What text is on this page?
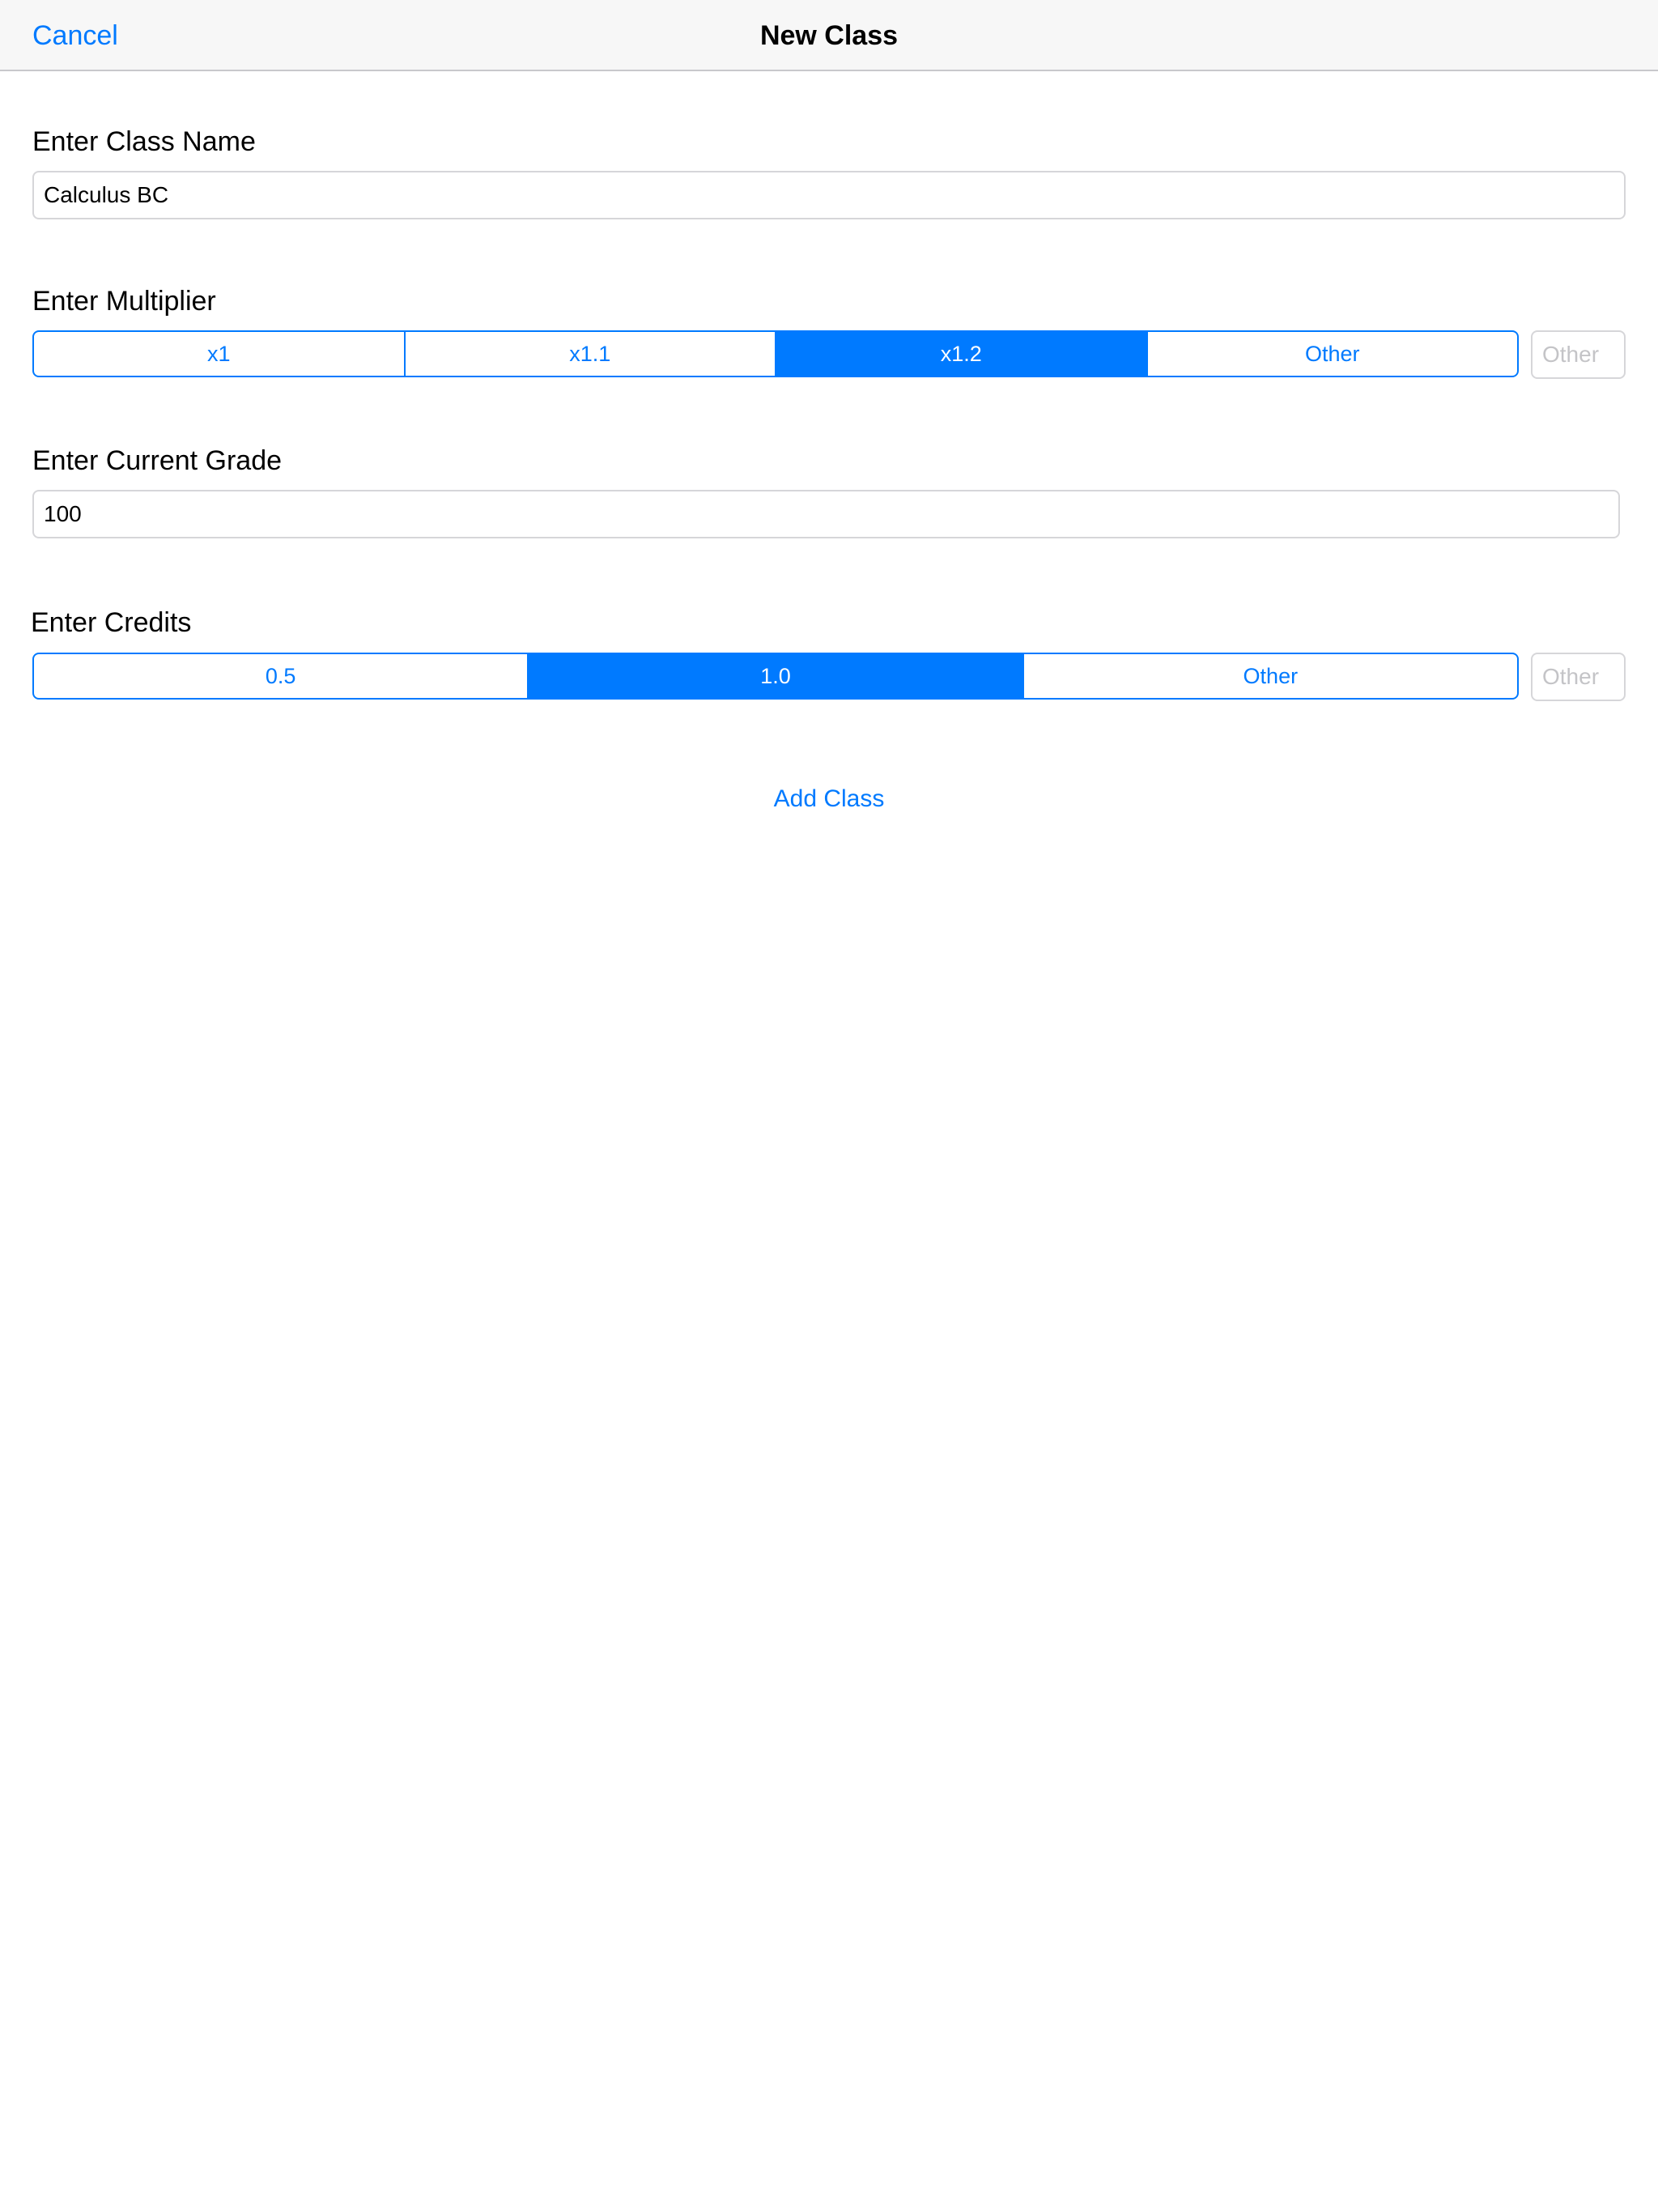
Cancel	New Class
Enter Class Name
Calculus BC
Enter Multiplier
x1	x1.1	x1.2	Other	Other
Enter Current Grade
100
Enter Credits
0.5	1.0	Other	Other
Add Class
